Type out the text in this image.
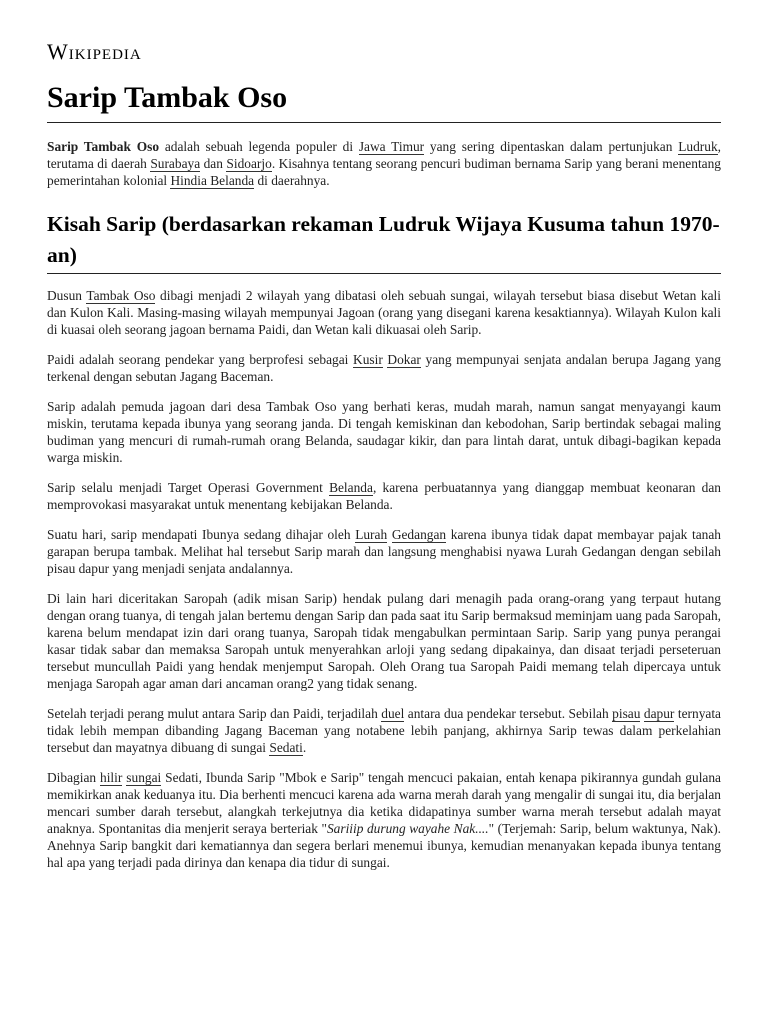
Wikipedia
Sarip Tambak Oso

Sarip Tambak Oso adalah sebuah legenda populer di Jawa Timur yang sering dipentaskan dalam pertunjukan Ludruk, terutama di daerah Surabaya dan Sidoarjo. Kisahnya tentang seorang pencuri budiman bernama Sarip yang berani menentang pemerintahan kolonial Hindia Belanda di daerahnya.

Kisah Sarip (berdasarkan rekaman Ludruk Wijaya Kusuma tahun 1970-an)

Dusun Tambak Oso dibagi menjadi 2 wilayah yang dibatasi oleh sebuah sungai, wilayah tersebut biasa disebut Wetan kali dan Kulon Kali. Masing-masing wilayah mempunyai Jagoan (orang yang disegani karena kesaktiannya). Wilayah Kulon kali di kuasai oleh seorang jagoan bernama Paidi, dan Wetan kali dikuasai oleh Sarip.

Paidi adalah seorang pendekar yang berprofesi sebagai Kusir Dokar yang mempunyai senjata andalan berupa Jagang yang terkenal dengan sebutan Jagang Baceman.

Sarip adalah pemuda jagoan dari desa Tambak Oso yang berhati keras, mudah marah, namun sangat menyayangi kaum miskin, terutama kepada ibunya yang seorang janda. Di tengah kemiskinan dan kebodohan, Sarip bertindak sebagai maling budiman yang mencuri di rumah-rumah orang Belanda, saudagar kikir, dan para lintah darat, untuk dibagi-bagikan kepada warga miskin.

Sarip selalu menjadi Target Operasi Government Belanda, karena perbuatannya yang dianggap membuat keonaran dan memprovokasi masyarakat untuk menentang kebijakan Belanda.

Suatu hari, sarip mendapati Ibunya sedang dihajar oleh Lurah Gedangan karena ibunya tidak dapat membayar pajak tanah garapan berupa tambak. Melihat hal tersebut Sarip marah dan langsung menghabisi nyawa Lurah Gedangan dengan sebilah pisau dapur yang menjadi senjata andalannya.

Di lain hari diceritakan Saropah (adik misan Sarip) hendak pulang dari menagih pada orang-orang yang terpaut hutang dengan orang tuanya, di tengah jalan bertemu dengan Sarip dan pada saat itu Sarip bermaksud meminjam uang pada Saropah, karena belum mendapat izin dari orang tuanya, Saropah tidak mengabulkan permintaan Sarip. Sarip yang punya perangai kasar tidak sabar dan memaksa Saropah untuk menyerahkan arloji yang sedang dipakainya, dan disaat terjadi perseteruan tersebut muncullah Paidi yang hendak menjemput Saropah. Oleh Orang tua Saropah Paidi memang telah dipercaya untuk menjaga Saropah agar aman dari ancaman orang2 yang tidak senang.

Setelah terjadi perang mulut antara Sarip dan Paidi, terjadilah duel antara dua pendekar tersebut. Sebilah pisau dapur ternyata tidak lebih mempan dibanding Jagang Baceman yang notabene lebih panjang, akhirnya Sarip tewas dalam perkelahian tersebut dan mayatnya dibuang di sungai Sedati.

Dibagian hilir sungai Sedati, Ibunda Sarip "Mbok e Sarip" tengah mencuci pakaian, entah kenapa pikirannya gundah gulana memikirkan anak keduanya itu. Dia berhenti mencuci karena ada warna merah darah yang mengalir di sungai itu, dia berjalan mencari sumber darah tersebut, alangkah terkejutnya dia ketika didapatinya sumber warna merah tersebut adalah mayat anaknya. Spontanitas dia menjerit seraya berteriak "Sariiip durung wayahe Nak...." (Terjemah: Sarip, belum waktunya, Nak). Anehnya Sarip bangkit dari kematiannya dan segera berlari menemui ibunya, kemudian menanyakan kepada ibunya tentang hal apa yang terjadi pada dirinya dan kenapa dia tidur di sungai.
